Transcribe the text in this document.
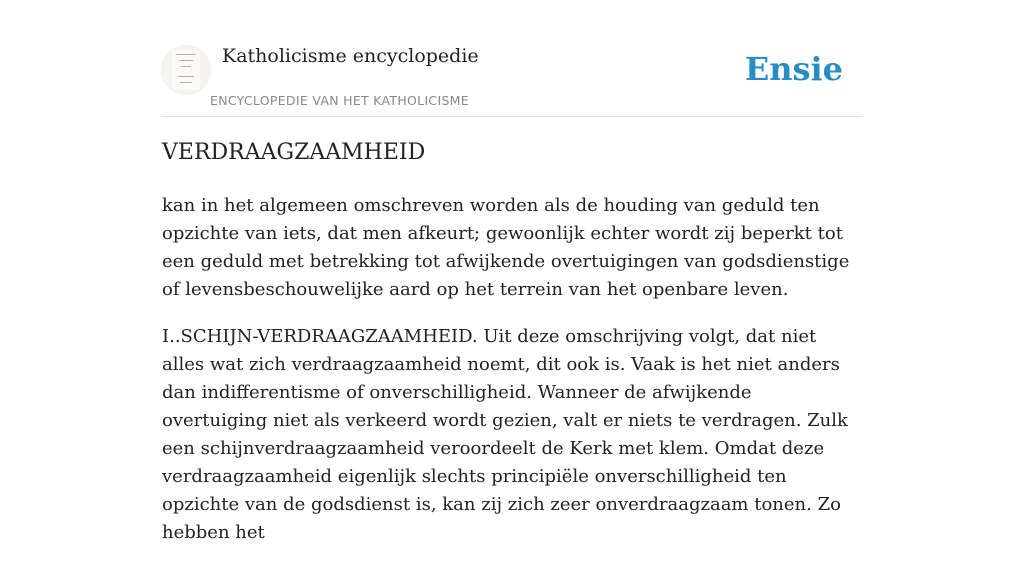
Katholicisme encyclopedie
ENCYCLOPEDIE VAN HET KATHOLICISME
Ensie
VERDRAAGZAAMHEID

kan in het algemeen omschreven worden als de houding van geduld ten opzichte van iets, dat men afkeurt; gewoonlijk echter wordt zij beperkt tot een geduld met betrekking tot afwijkende overtuigingen van godsdienstige of levensbeschouwelijke aard op het terrein van het openbare leven.

I..SCHIJN-VERDRAAGZAAMHEID. Uit deze omschrijving volgt, dat niet alles wat zich verdraagzaamheid noemt, dit ook is. Vaak is het niet anders dan indifferentisme of onverschilligheid. Wanneer de afwijkende overtuiging niet als verkeerd wordt gezien, valt er niets te verdragen. Zulk een schijnverdraagzaamheid veroordeelt de Kerk met klem. Omdat deze verdraagzaamheid eigenlijk slechts principiële onverschilligheid ten opzichte van de godsdienst is, kan zij zich zeer onverdraagzaam tonen. Zo hebben het
